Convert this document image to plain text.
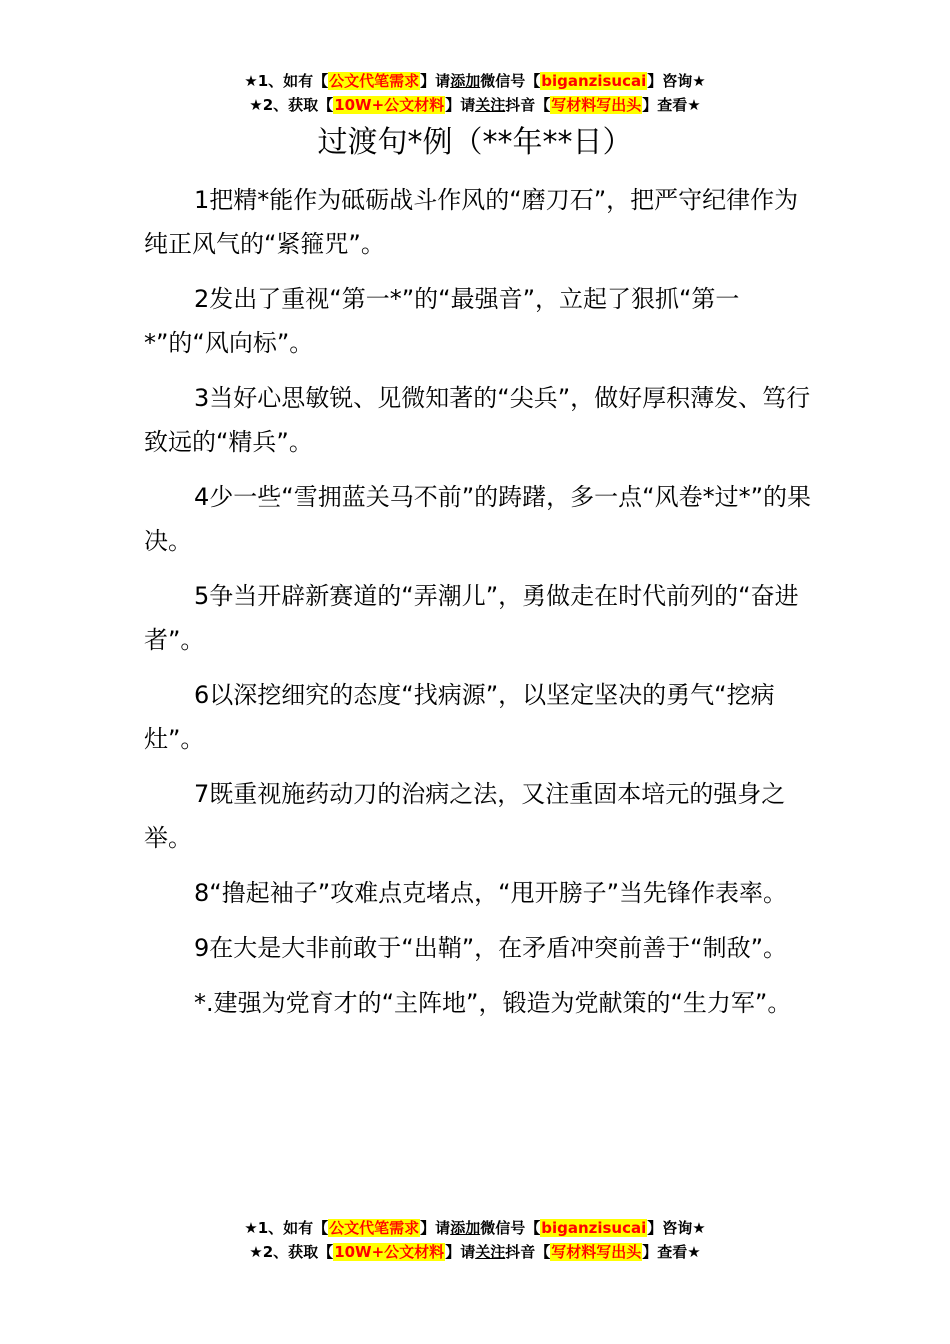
★1、如有【公文代笔需求】请添加微信号【biganzisucai】咨询★
★2、获取【10W+公文材料】请关注抖音【写材料写出头】查看★
过渡句*例（**年**日）

1把精*能作为砥砺战斗作风的“磨刀石”，把严守纪律作为纯正风气的“紧箍咒”。

2发出了重视“第一*”的“最强音”，立起了狠抓“第一*”的“风向标”。

3当好心思敏锐、见微知著的“尖兵”，做好厚积薄发、笃行致远的“精兵”。

4少一些“雪拥蓝关马不前”的踌躇，多一点“风卷*过*”的果决。

5争当开辟新赛道的“弄潮儿”，勇做走在时代前列的“奋进者”。

6以深挖细究的态度“找病源”，以坚定坚决的勇气“挖病灶”。

7既重视施药动刀的治病之法，又注重固本培元的强身之举。

8“撸起袖子”攻难点克堵点，“甩开膀子”当先锋作表率。

9在大是大非前敢于“出鞘”，在矛盾冲突前善于“制敌”。

*.建强为党育才的“主阵地”，锻造为党献策的“生力军”。

★1、如有【公文代笔需求】请添加微信号【biganzisucai】咨询★
★2、获取【10W+公文材料】请关注抖音【写材料写出头】查看★
